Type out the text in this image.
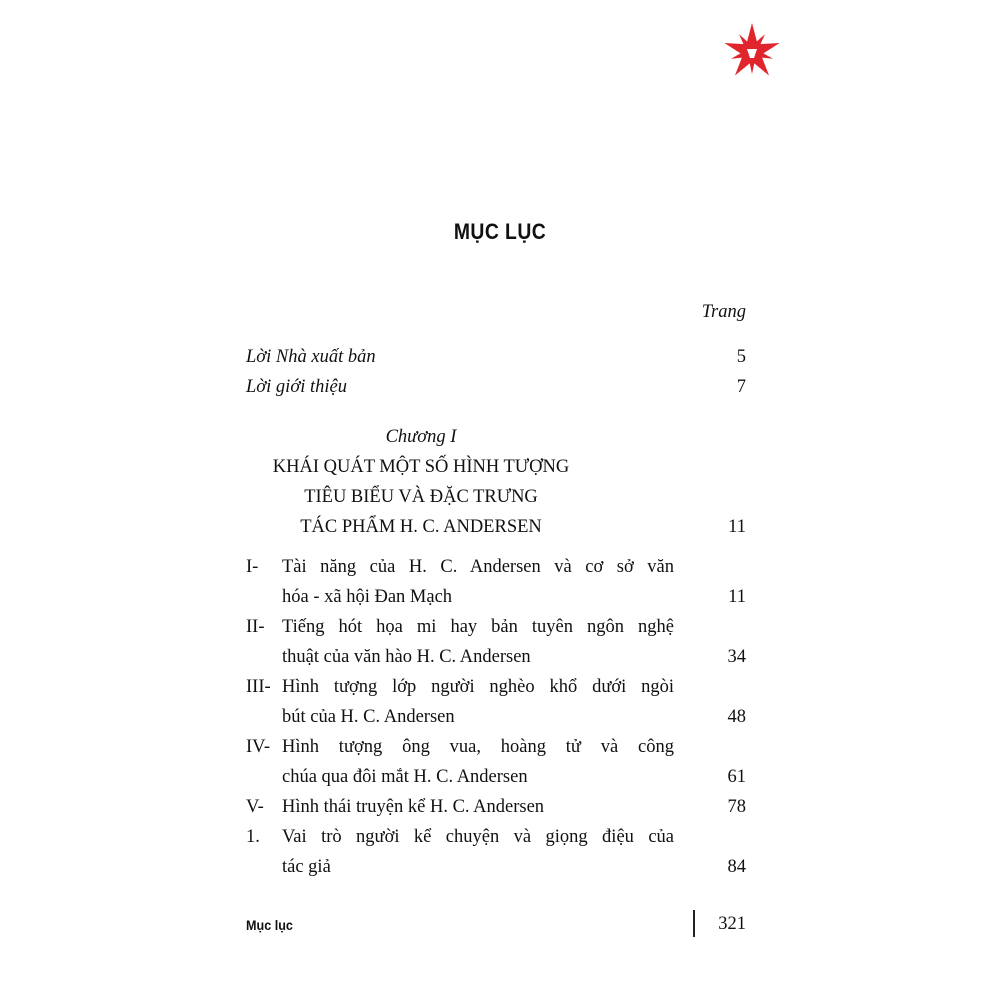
MỤC LỤC
Trang
Lời Nhà xuất bản	5
Lời giới thiệu	7
Chương I
KHÁI QUÁT MỘT SỐ HÌNH TƯỢNG
TIÊU BIỂU VÀ ĐẶC TRƯNG
TÁC PHẨM H. C. ANDERSEN	11
I- Tài năng của H. C. Andersen và cơ sở văn
hóa - xã hội Đan Mạch	11
II- Tiếng hót họa mi hay bản tuyên ngôn nghệ
thuật của văn hào H. C. Andersen	34
III- Hình tượng lớp người nghèo khổ dưới ngòi
bút của H. C. Andersen	48
IV- Hình tượng ông vua, hoàng tử và công
chúa qua đôi mắt H. C. Andersen	61
V- Hình thái truyện kể H. C. Andersen	78
1. Vai trò người kể chuyện và giọng điệu của
tác giả	84
Mục lục	321
